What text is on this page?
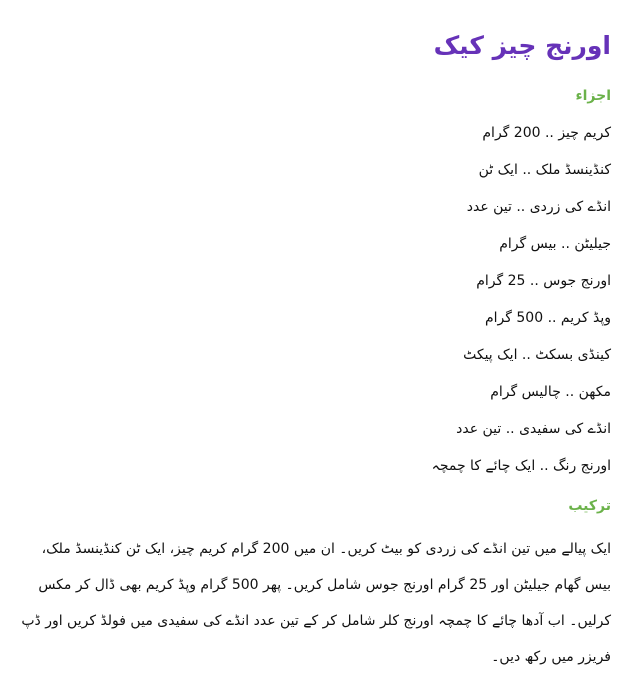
اورنج چیز کیک
اجزاء
کریم چیز .. 200 گرام
کنڈینسڈ ملک .. ایک ٹن
انڈے کی زردی .. تین عدد
جیلیٹن .. بیس گرام
اورنج جوس .. 25 گرام
وپڈ کریم .. 500 گرام
کینڈی بسکٹ .. ایک پیکٹ
مکھن .. چالیس گرام
انڈے کی سفیدی .. تین عدد
اورنج رنگ .. ایک چائے کا چمچہ
ترکیب

ایک پیالے میں تین انڈے کی زردی کو بیٹ کریں۔ ان میں 200 گرام کریم چیز، ایک ٹن کنڈینسڈ ملک، بیس گھام جیلیٹن اور 25 گرام اورنج جوس شامل کریں۔ پھر 500 گرام وپڈ کریم بھی ڈال کر مکس کرلیں۔ اب آدھا چائے کا چمچہ اورنج کلر شامل کر کے تین عدد انڈے کی سفیدی میں فولڈ کریں اور ڈپ فریزر میں رکھ دیں۔
